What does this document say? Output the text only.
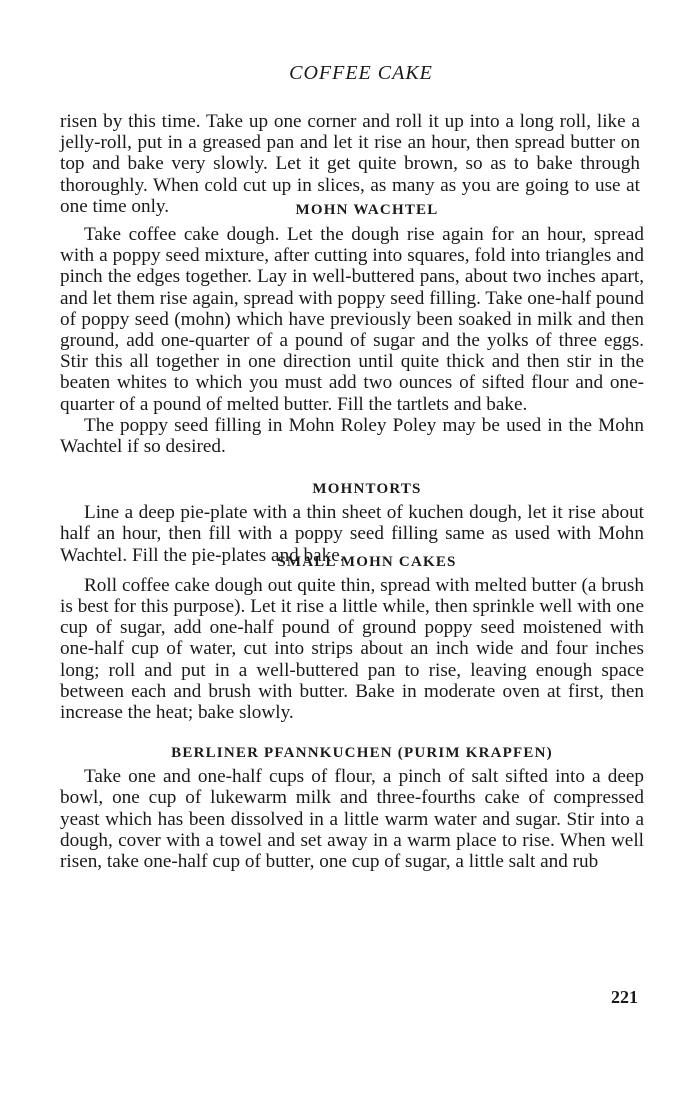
COFFEE CAKE

risen by this time. Take up one corner and roll it up into a long roll, like a jelly-roll, put in a greased pan and let it rise an hour, then spread butter on top and bake very slowly. Let it get quite brown, so as to bake through thoroughly. When cold cut up in slices, as many as you are going to use at one time only.	MOHN WACHTEL

Take coffee cake dough. Let the dough rise again for an hour, spread with a poppy seed mixture, after cutting into squares, fold into triangles and pinch the edges together. Lay in well-buttered pans, about two inches apart, and let them rise again, spread with poppy seed filling. Take one-half pound of poppy seed (mohn) which have previously been soaked in milk and then ground, add one-quarter of a pound of sugar and the yolks of three eggs. Stir this all together in one direction until quite thick and then stir in the beaten whites to which you must add two ounces of sifted flour and one-quarter of a pound of melted butter. Fill the tartlets and bake.

The poppy seed filling in Mohn Roley Poley may be used in the Mohn Wachtel if so desired.

MOHNTORTS

Line a deep pie-plate with a thin sheet of kuchen dough, let it rise about half an hour, then fill with a poppy seed filling same as used with Mohn Wachtel. Fill the pie-plates and bake.

SMALL MOHN CAKES

Roll coffee cake dough out quite thin, spread with melted butter (a brush is best for this purpose). Let it rise a little while, then sprinkle well with one cup of sugar, add one-half pound of ground poppy seed moistened with one-half cup of water, cut into strips about an inch wide and four inches long; roll and put in a well-buttered pan to rise, leaving enough space between each and brush with butter. Bake in moderate oven at first, then increase the heat; bake slowly.

BERLINER PFANNKUCHEN (PURIM KRAPFEN)

Take one and one-half cups of flour, a pinch of salt sifted into a deep bowl, one cup of lukewarm milk and three-fourths cake of compressed yeast which has been dissolved in a little warm water and sugar. Stir into a dough, cover with a towel and set away in a warm place to rise. When well risen, take one-half cup of butter, one cup of sugar, a little salt and rub

221
